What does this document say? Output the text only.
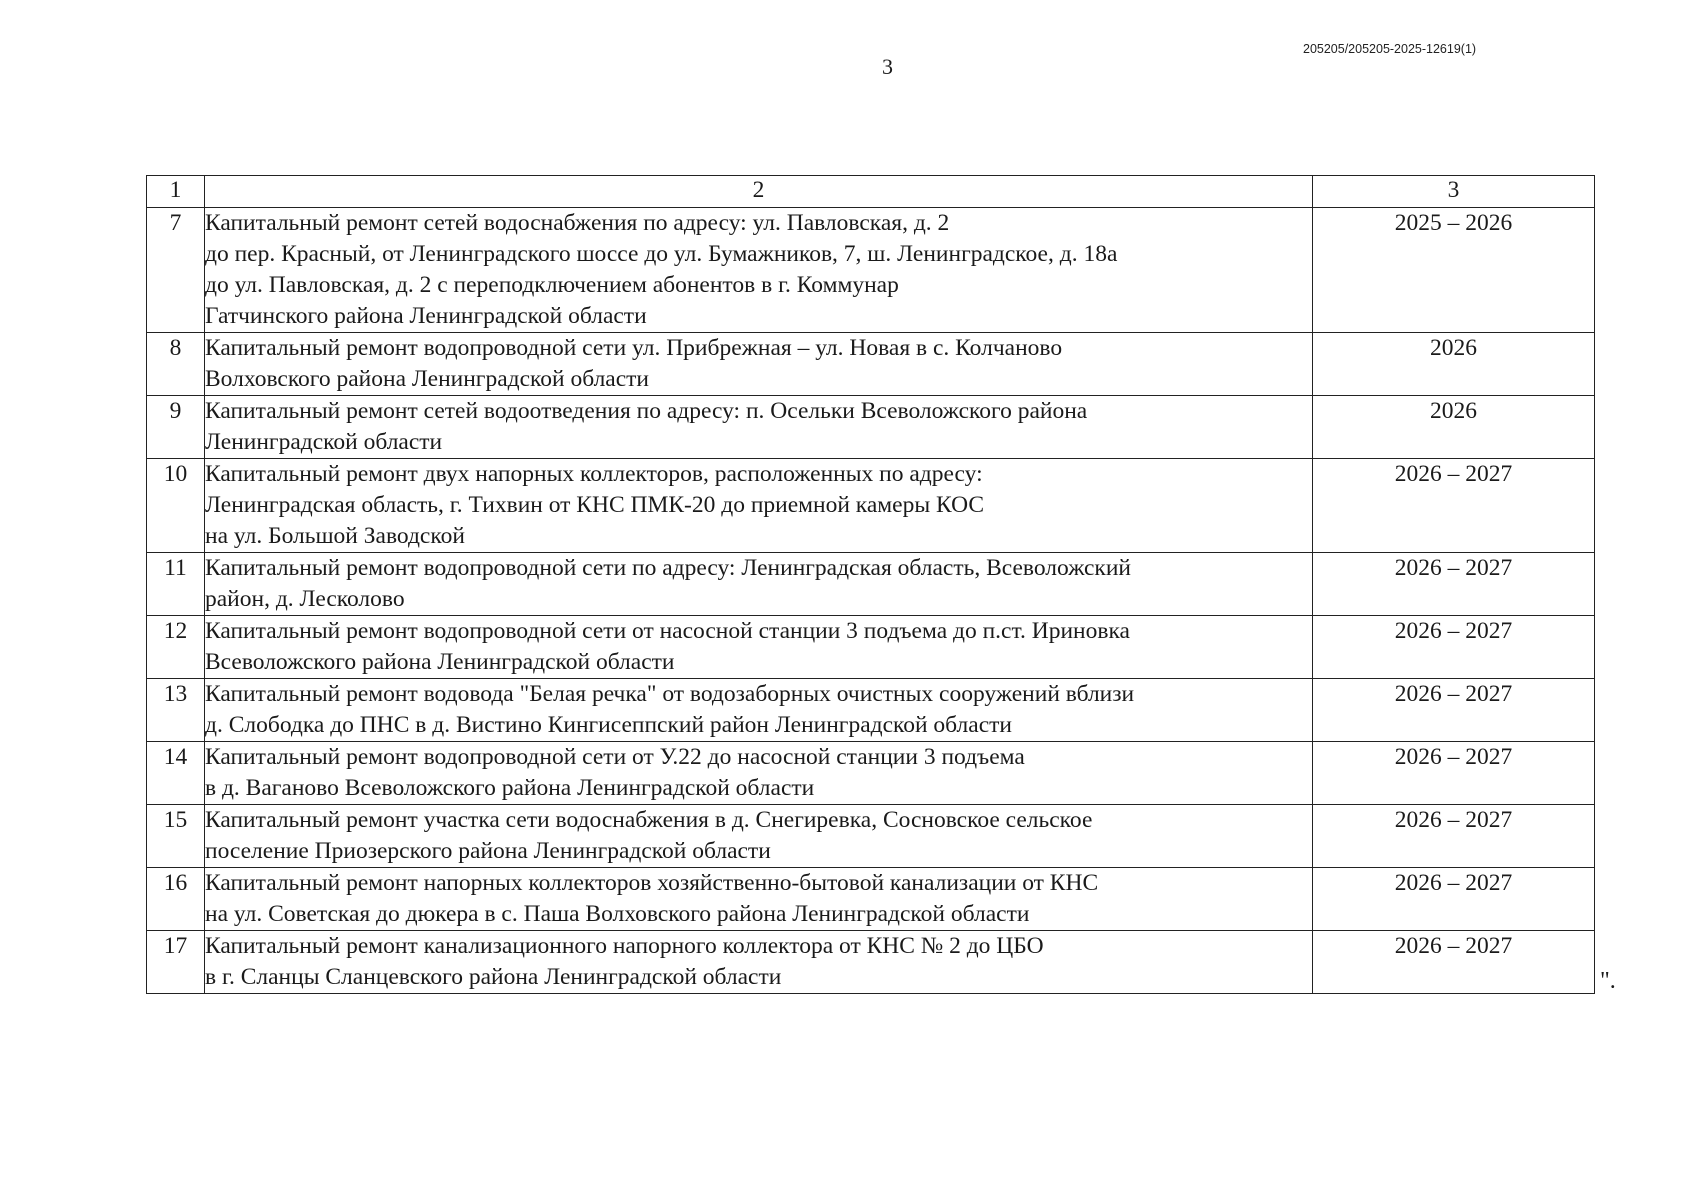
3
205205/205205-2025-12619(1)
1	2	3
7	Капитальный ремонт сетей водоснабжения по адресу: ул. Павловская, д. 2
до пер. Красный, от Ленинградского шоссе до ул. Бумажников, 7, ш. Ленинградское, д. 18а
до ул. Павловская, д. 2 с переподключением абонентов в г. Коммунар
Гатчинского района Ленинградской области	2025 – 2026
8	Капитальный ремонт водопроводной сети ул. Прибрежная – ул. Новая в с. Колчаново
Волховского района Ленинградской области	2026
9	Капитальный ремонт сетей водоотведения по адресу: п. Осельки Всеволожского района
Ленинградской области	2026
10	Капитальный ремонт двух напорных коллекторов, расположенных по адресу:
Ленинградская область, г. Тихвин от КНС ПМК-20 до приемной камеры КОС
на ул. Большой Заводской	2026 – 2027
11	Капитальный ремонт водопроводной сети по адресу: Ленинградская область, Всеволожский
район, д. Лесколово	2026 – 2027
12	Капитальный ремонт водопроводной сети от насосной станции 3 подъема до п.ст. Ириновка
Всеволожского района Ленинградской области	2026 – 2027
13	Капитальный ремонт водовода "Белая речка" от водозаборных очистных сооружений вблизи
д. Слободка до ПНС в д. Вистино Кингисеппский район Ленинградской области	2026 – 2027
14	Капитальный ремонт водопроводной сети от У.22 до насосной станции 3 подъема
в д. Ваганово Всеволожского района Ленинградской области	2026 – 2027
15	Капитальный ремонт участка сети водоснабжения в д. Снегиревка, Сосновское сельское
поселение Приозерского района Ленинградской области	2026 – 2027
16	Капитальный ремонт напорных коллекторов хозяйственно-бытовой канализации от КНС
на ул. Советская до дюкера в с. Паша Волховского района Ленинградской области	2026 – 2027
17	Капитальный ремонт канализационного напорного коллектора от КНС № 2 до ЦБО
в г. Сланцы Сланцевского района Ленинградской области	2026 – 2027
".
